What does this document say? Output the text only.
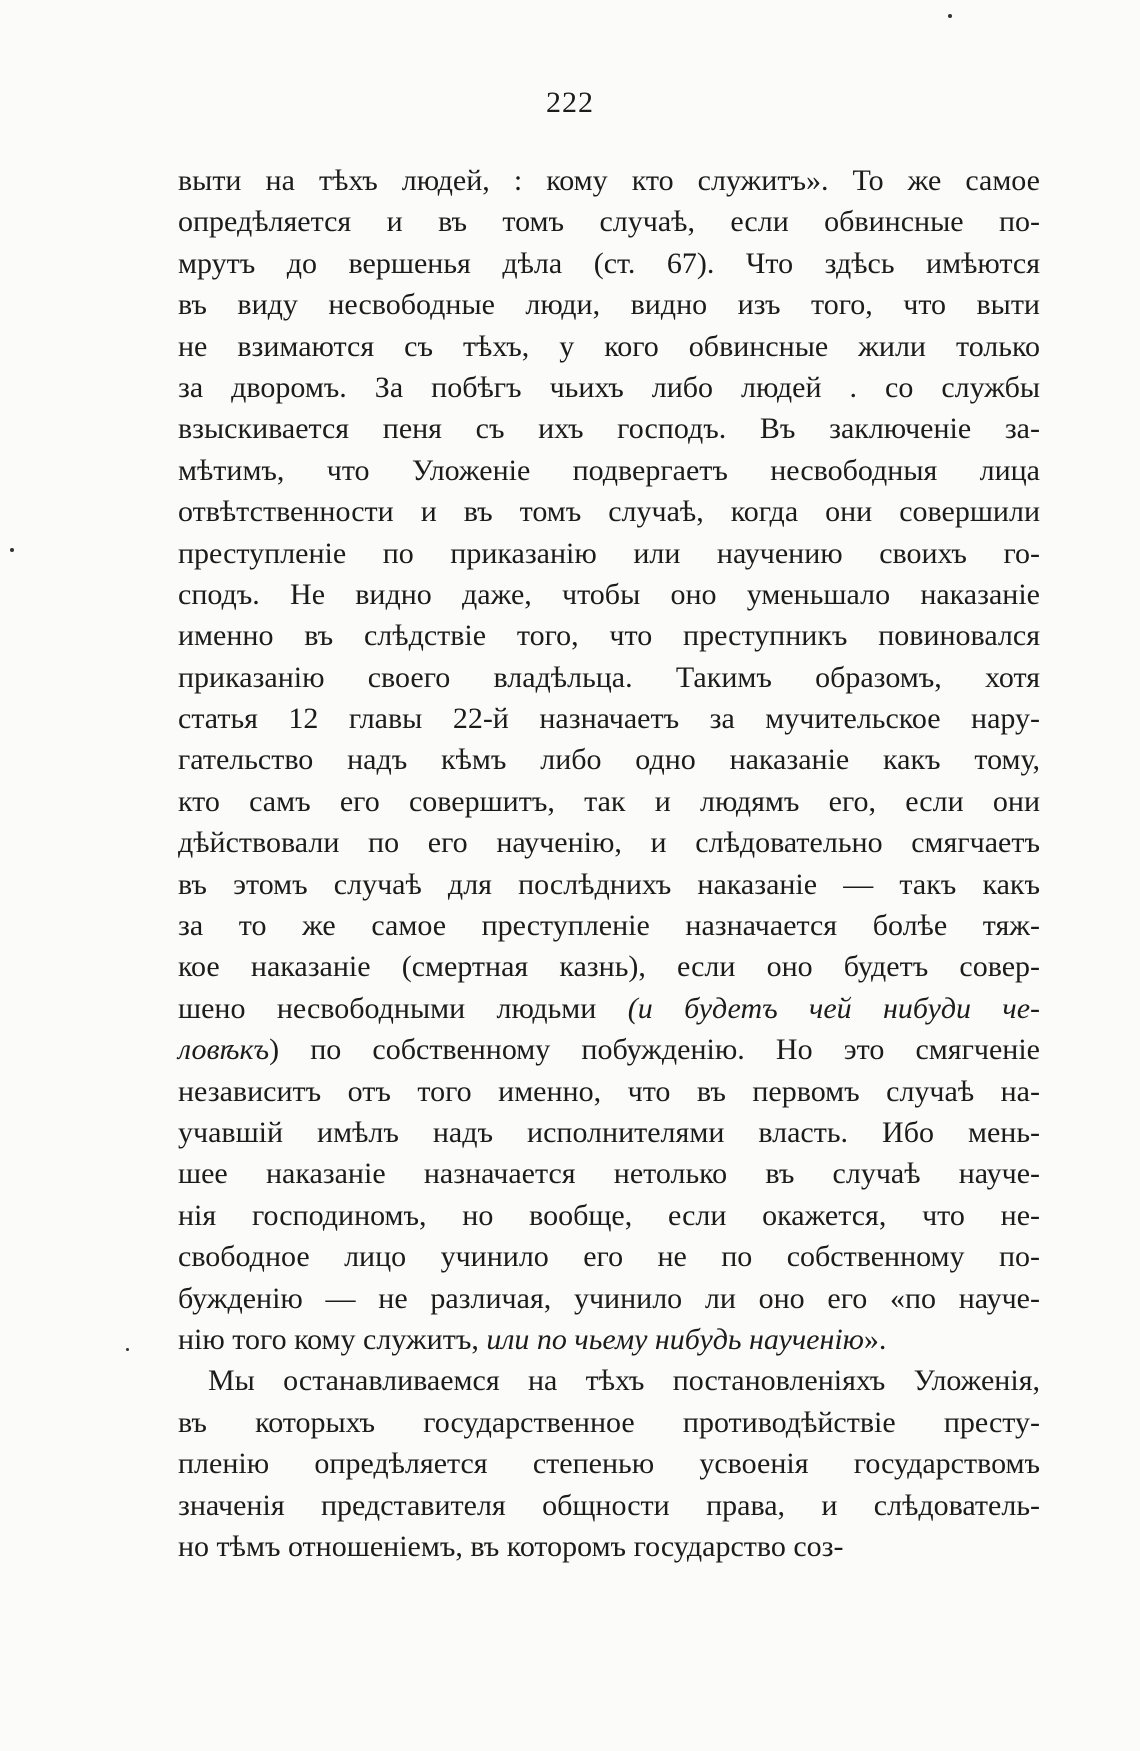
222
выти на тѣхъ людей, : кому кто служитъ». То же самое
опредѣляется и въ томъ случаѣ, если обвинсные по-
мрутъ до вершенья дѣла (ст. 67). Что здѣсь имѣются
въ виду несвободные люди, видно изъ того, что выти
не взимаются съ тѣхъ, у кого обвинсные жили только
за дворомъ. За побѣгъ чьихъ либо людей . со службы
взыскивается пеня съ ихъ господъ. Въ заключеніе за-
мѣтимъ, что Уложеніе подвергаетъ несвободныя лица
отвѣтственности и въ томъ случаѣ, когда они совершили
преступленіе по приказанію или научению своихъ го-
сподъ. Не видно даже, чтобы оно уменьшало наказаніе
именно въ слѣдствіе того, что преступникъ повиновался
приказанію своего владѣльца. Такимъ образомъ, хотя
статья 12 главы 22-й назначаетъ за мучительское нару-
гательство надъ кѣмъ либо одно наказаніе какъ тому,
кто самъ его совершитъ, так и людямъ его, если они
дѣйствовали по его наученію, и слѣдовательно смягчаетъ
въ этомъ случаѣ для послѣднихъ наказаніе — такъ какъ
за то же самое преступленіе назначается болѣе тяж-
кое наказаніе (смертная казнь), если оно будетъ совер-
шено несвободными людьми (и будетъ чей нибуди че-
ловѣкъ) по собственному побужденію. Но это смягченіе
независитъ отъ того именно, что въ первомъ случаѣ на-
учавшій имѣлъ надъ исполнителями власть. Ибо мень-
шее наказаніе назначается нетолько въ случаѣ науче-
нія господиномъ, но вообще, если окажется, что не-
свободное лицо учинило его не по собственному по-
бужденію — не различая, учинило ли оно его «по науче-
нію того кому служитъ, или по чьему нибудь наученію».
Мы останавливаемся на тѣхъ постановленіяхъ Уложенія,
въ которыхъ государственное противодѣйствіе престу-
пленію опредѣляется степенью усвоенія государствомъ
значенія представителя общности права, и слѣдователь-
но тѣмъ отношеніемъ, въ которомъ государство соз-
